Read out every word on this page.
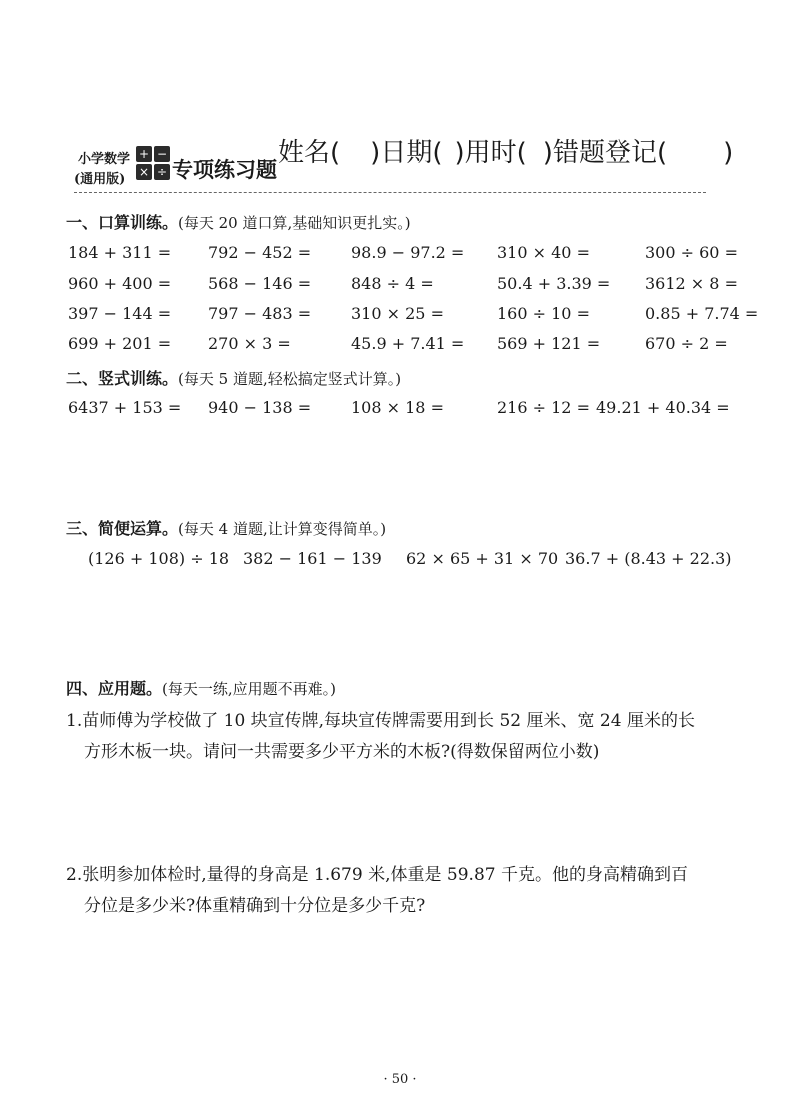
小学数学
(通用版)
+ −
× ÷ 专项练习题
姓名( )日期( )用时( )错题登记( )
一、口算训练。(每天 20 道口算,基础知识更扎实。)
184 + 311 = 792 − 452 = 98.9 − 97.2 = 310 × 40 =	300 ÷ 60 =
960 + 400 = 568 − 146 = 848 ÷ 4 =	50.4 + 3.39 = 3612 × 8 =
397 − 144 = 797 − 483 = 310 × 25 =	160 ÷ 10 =	0.85 + 7.74 =
699 + 201 = 270 × 3 =	45.9 + 7.41 = 569 + 121 =	670 ÷ 2 =
二、竖式训练。(每天 5 道题,轻松搞定竖式计算。)
6437 + 153 = 940 − 138 = 108 × 18 =	216 ÷ 12 = 49.21 + 40.34 =
三、简便运算。(每天 4 道题,让计算变得简单。)
(126 + 108) ÷ 18 382 − 161 − 139 62 × 65 + 31 × 70 36.7 + (8.43 + 22.3)
四、应用题。(每天一练,应用题不再难。)
1.苗师傅为学校做了 10 块宣传牌,每块宣传牌需要用到长 52 厘米、宽 24 厘米的长
方形木板一块。请问一共需要多少平方米的木板?(得数保留两位小数)
2.张明参加体检时,量得的身高是 1.679 米,体重是 59.87 千克。他的身高精确到百
分位是多少米?体重精确到十分位是多少千克?
· 50 ·
